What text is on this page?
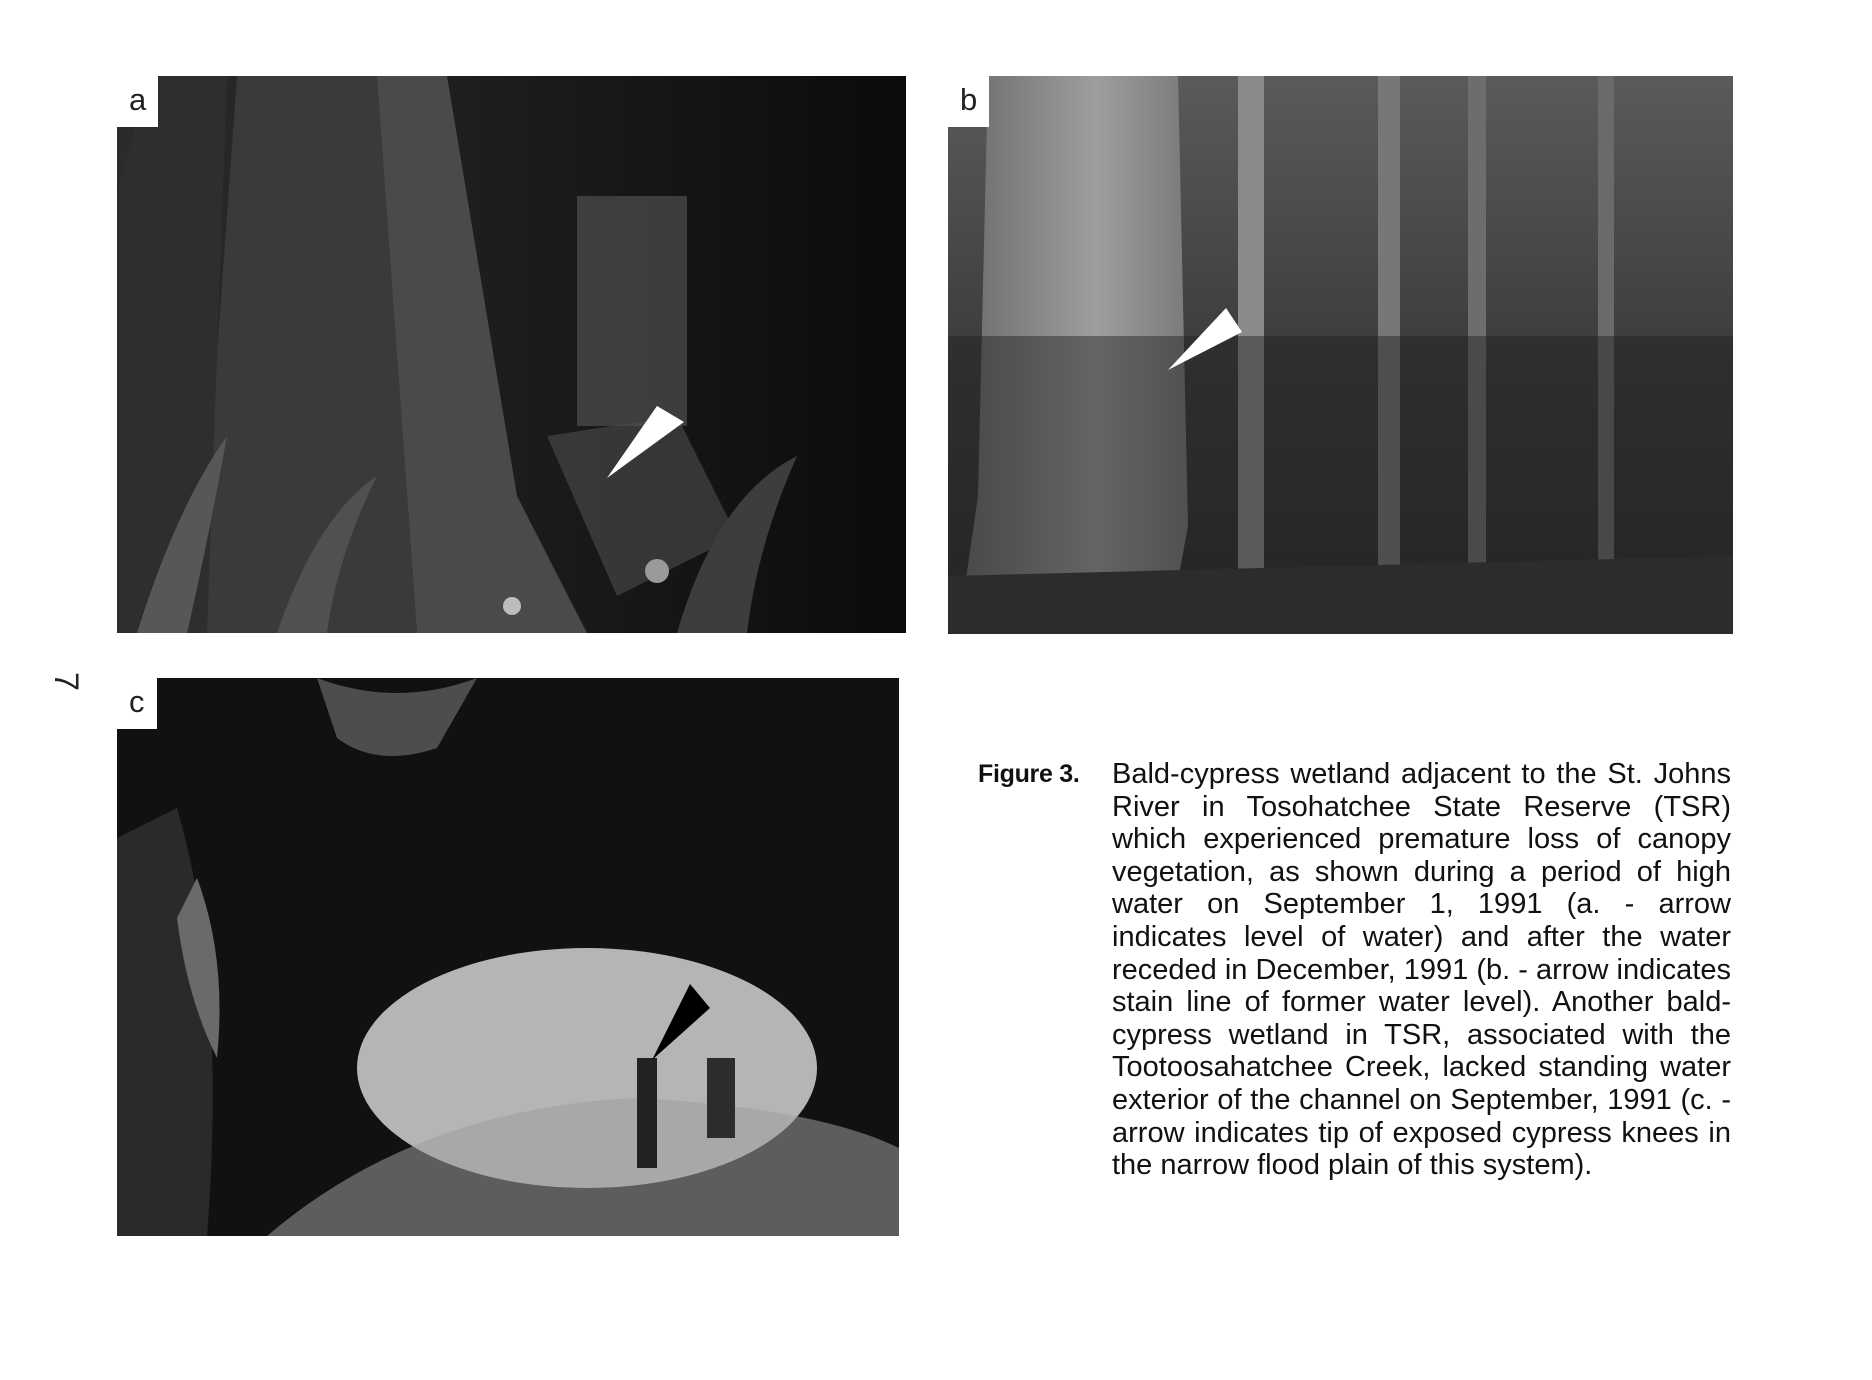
a	b
c
7
Figure 3. Bald-cypress wetland adjacent to the St. Johns River in Tosohatchee State Reserve (TSR) which experienced premature loss of canopy vegetation, as shown during a period of high water on September 1, 1991 (a. - arrow indicates level of water) and after the water receded in December, 1991 (b. - arrow indicates stain line of former water level). Another bald-cypress wetland in TSR, associated with the Tootoosahatchee Creek, lacked standing water exterior of the channel on September, 1991 (c. - arrow indicates tip of exposed cypress knees in the narrow flood plain of this system).
